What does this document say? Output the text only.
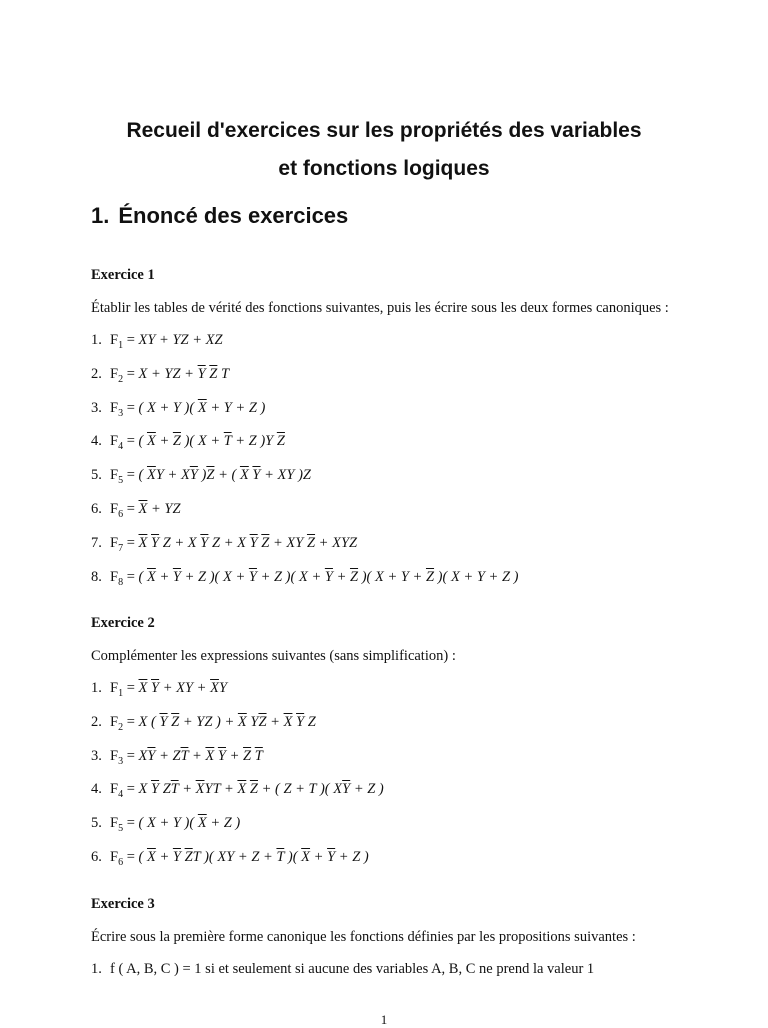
Recueil d'exercices sur les propriétés des variables
et fonctions logiques
1. Énoncé des exercices

Exercice 1

Établir les tables de vérité des fonctions suivantes, puis les écrire sous les deux formes canoniques :

1. $F_1$ = XY + YZ + XZ
2. $F_2 = X$ + YZ + $\overline{Y}$ $\overline{Z}$ T
3. $F_3$ = ( X + Y )( $\overline{X} + Y + Z$ )
4. $F_4$ = ( $\overline{X} + \overline{Z}$ )( $X + \overline{T} + Z$ )Y $\overline{Z}$
5. $F_5$ = ( $\overline{X}Y + X\overline{Y}$ )$\overline{Z}$ + ( $\overline{X}$ $\overline{Y}$ + XY )Z
6. $F_6 = \overline{X}$ + YZ
7. $F_7 = \overline{X}$ $\overline{Y}$ Z + X $\overline{Y}$ Z + X $\overline{Y}$ $\overline{Z}$ + XY $\overline{Z}$ + XYZ
8. $F_8$ = ( $\overline{X} + \overline{Y} + Z$ )( $X + \overline{Y} + Z$ )( $X + \overline{Y} + \overline{Z}$ )( $X + Y + \overline{Z}$ )( X + Y + Z )

Exercice 2

Complémenter les expressions suivantes (sans simplification) :

1. $F_1 = \overline{X}$ $\overline{Y}$ + XY + $\overline{X}Y$
2. $F_2 = X$ ( $\overline{Y}$ $\overline{Z}$ + YZ ) + $\overline{X}$ $Y\overline{Z} + \overline{X}$ $\overline{Y}$ Z
3. $F_3 = X\overline{Y} + Z\overline{T} + \overline{X}$ $\overline{Y} + \overline{Z}$ $\overline{T}$
4. $F_4 = X$ $\overline{Y}$ $Z\overline{T} + \overline{X}YT + \overline{X}$ $\overline{Z}$ + ( Z + T )( $X\overline{Y} + Z$ )
5. $F_5$ = ( X + Y )( $\overline{X} + Z$ )
6. $F_6$ = ( $\overline{X} + \overline{Y}$ $\overline{Z}T$ )( XY + $Z + \overline{T}$ )( $\overline{X} + \overline{Y} + Z$ )

Exercice 3

Écrire sous la première forme canonique les fonctions définies par les propositions suivantes :

1. f ( A, B, C ) = 1 si et seulement si aucune des variables A, B, C ne prend la valeur 1
1
